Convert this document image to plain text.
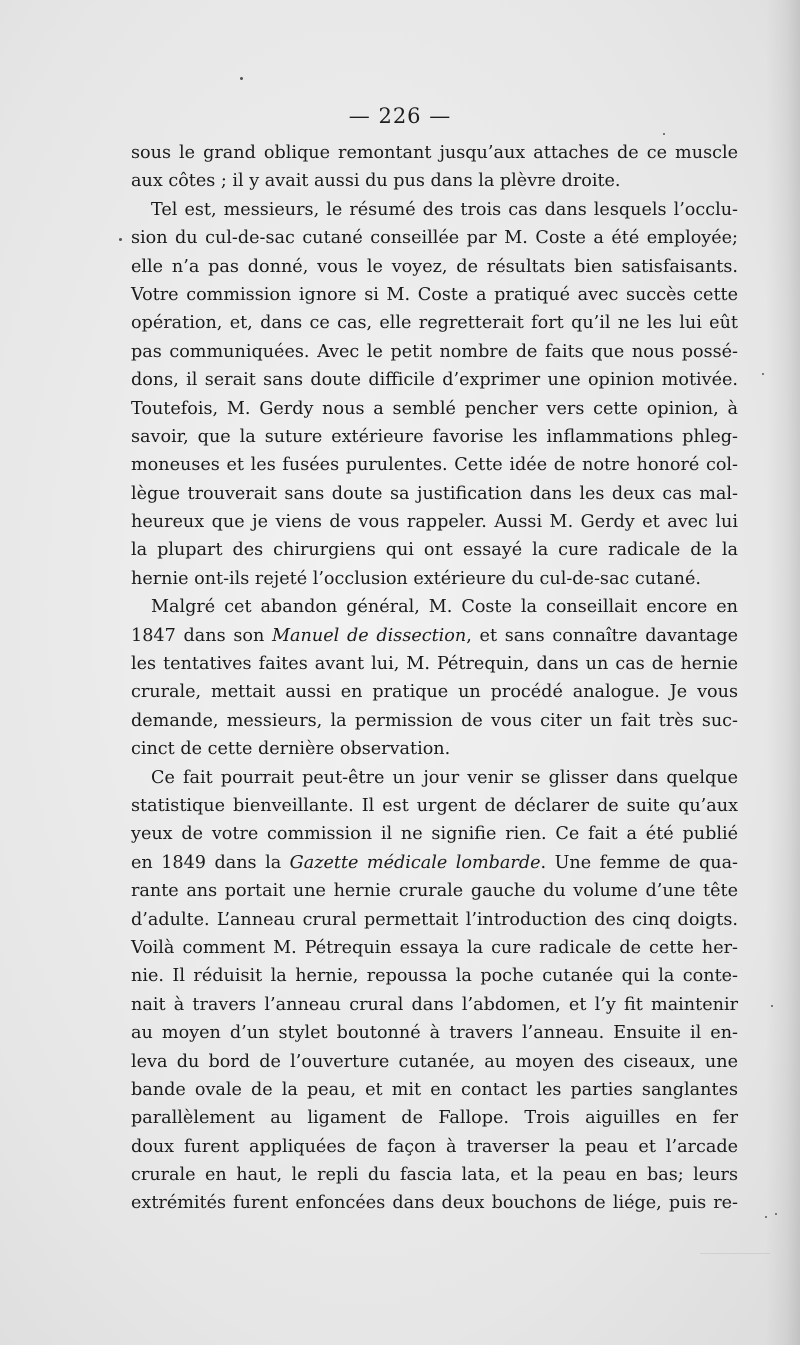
— 226 —
sous le grand oblique remontant jusqu’aux attaches de ce muscle
aux côtes ; il y avait aussi du pus dans la plèvre droite.
Tel est, messieurs, le résumé des trois cas dans lesquels l’occlu-
sion du cul-de-sac cutané conseillée par M. Coste a été employée;
elle n’a pas donné, vous le voyez, de résultats bien satisfaisants.
Votre commission ignore si M. Coste a pratiqué avec succès cette
opération, et, dans ce cas, elle regretterait fort qu’il ne les lui eût
pas communiquées. Avec le petit nombre de faits que nous possé-
dons, il serait sans doute difficile d’exprimer une opinion motivée.
Toutefois, M. Gerdy nous a semblé pencher vers cette opinion, à
savoir, que la suture extérieure favorise les inflammations phleg-
moneuses et les fusées purulentes. Cette idée de notre honoré col-
lègue trouverait sans doute sa justification dans les deux cas mal-
heureux que je viens de vous rappeler. Aussi M. Gerdy et avec lui
la plupart des chirurgiens qui ont essayé la cure radicale de la
hernie ont-ils rejeté l’occlusion extérieure du cul-de-sac cutané.
Malgré cet abandon général, M. Coste la conseillait encore en
1847 dans son Manuel de dissection, et sans connaître davantage
les tentatives faites avant lui, M. Pétrequin, dans un cas de hernie
crurale, mettait aussi en pratique un procédé analogue. Je vous
demande, messieurs, la permission de vous citer un fait très suc-
cinct de cette dernière observation.
Ce fait pourrait peut-être un jour venir se glisser dans quelque
statistique bienveillante. Il est urgent de déclarer de suite qu’aux
yeux de votre commission il ne signifie rien. Ce fait a été publié
en 1849 dans la Gazette médicale lombarde. Une femme de qua-
rante ans portait une hernie crurale gauche du volume d’une tête
d’adulte. L’anneau crural permettait l’introduction des cinq doigts.
Voilà comment M. Pétrequin essaya la cure radicale de cette her-
nie. Il réduisit la hernie, repoussa la poche cutanée qui la conte-
nait à travers l’anneau crural dans l’abdomen, et l’y fit maintenir
au moyen d’un stylet boutonné à travers l’anneau. Ensuite il en-
leva du bord de l’ouverture cutanée, au moyen des ciseaux, une
bande ovale de la peau, et mit en contact les parties sanglantes
parallèlement au ligament de Fallope. Trois aiguilles en fer
doux furent appliquées de façon à traverser la peau et l’arcade
crurale en haut, le repli du fascia lata, et la peau en bas; leurs
extrémités furent enfoncées dans deux bouchons de liége, puis re-
